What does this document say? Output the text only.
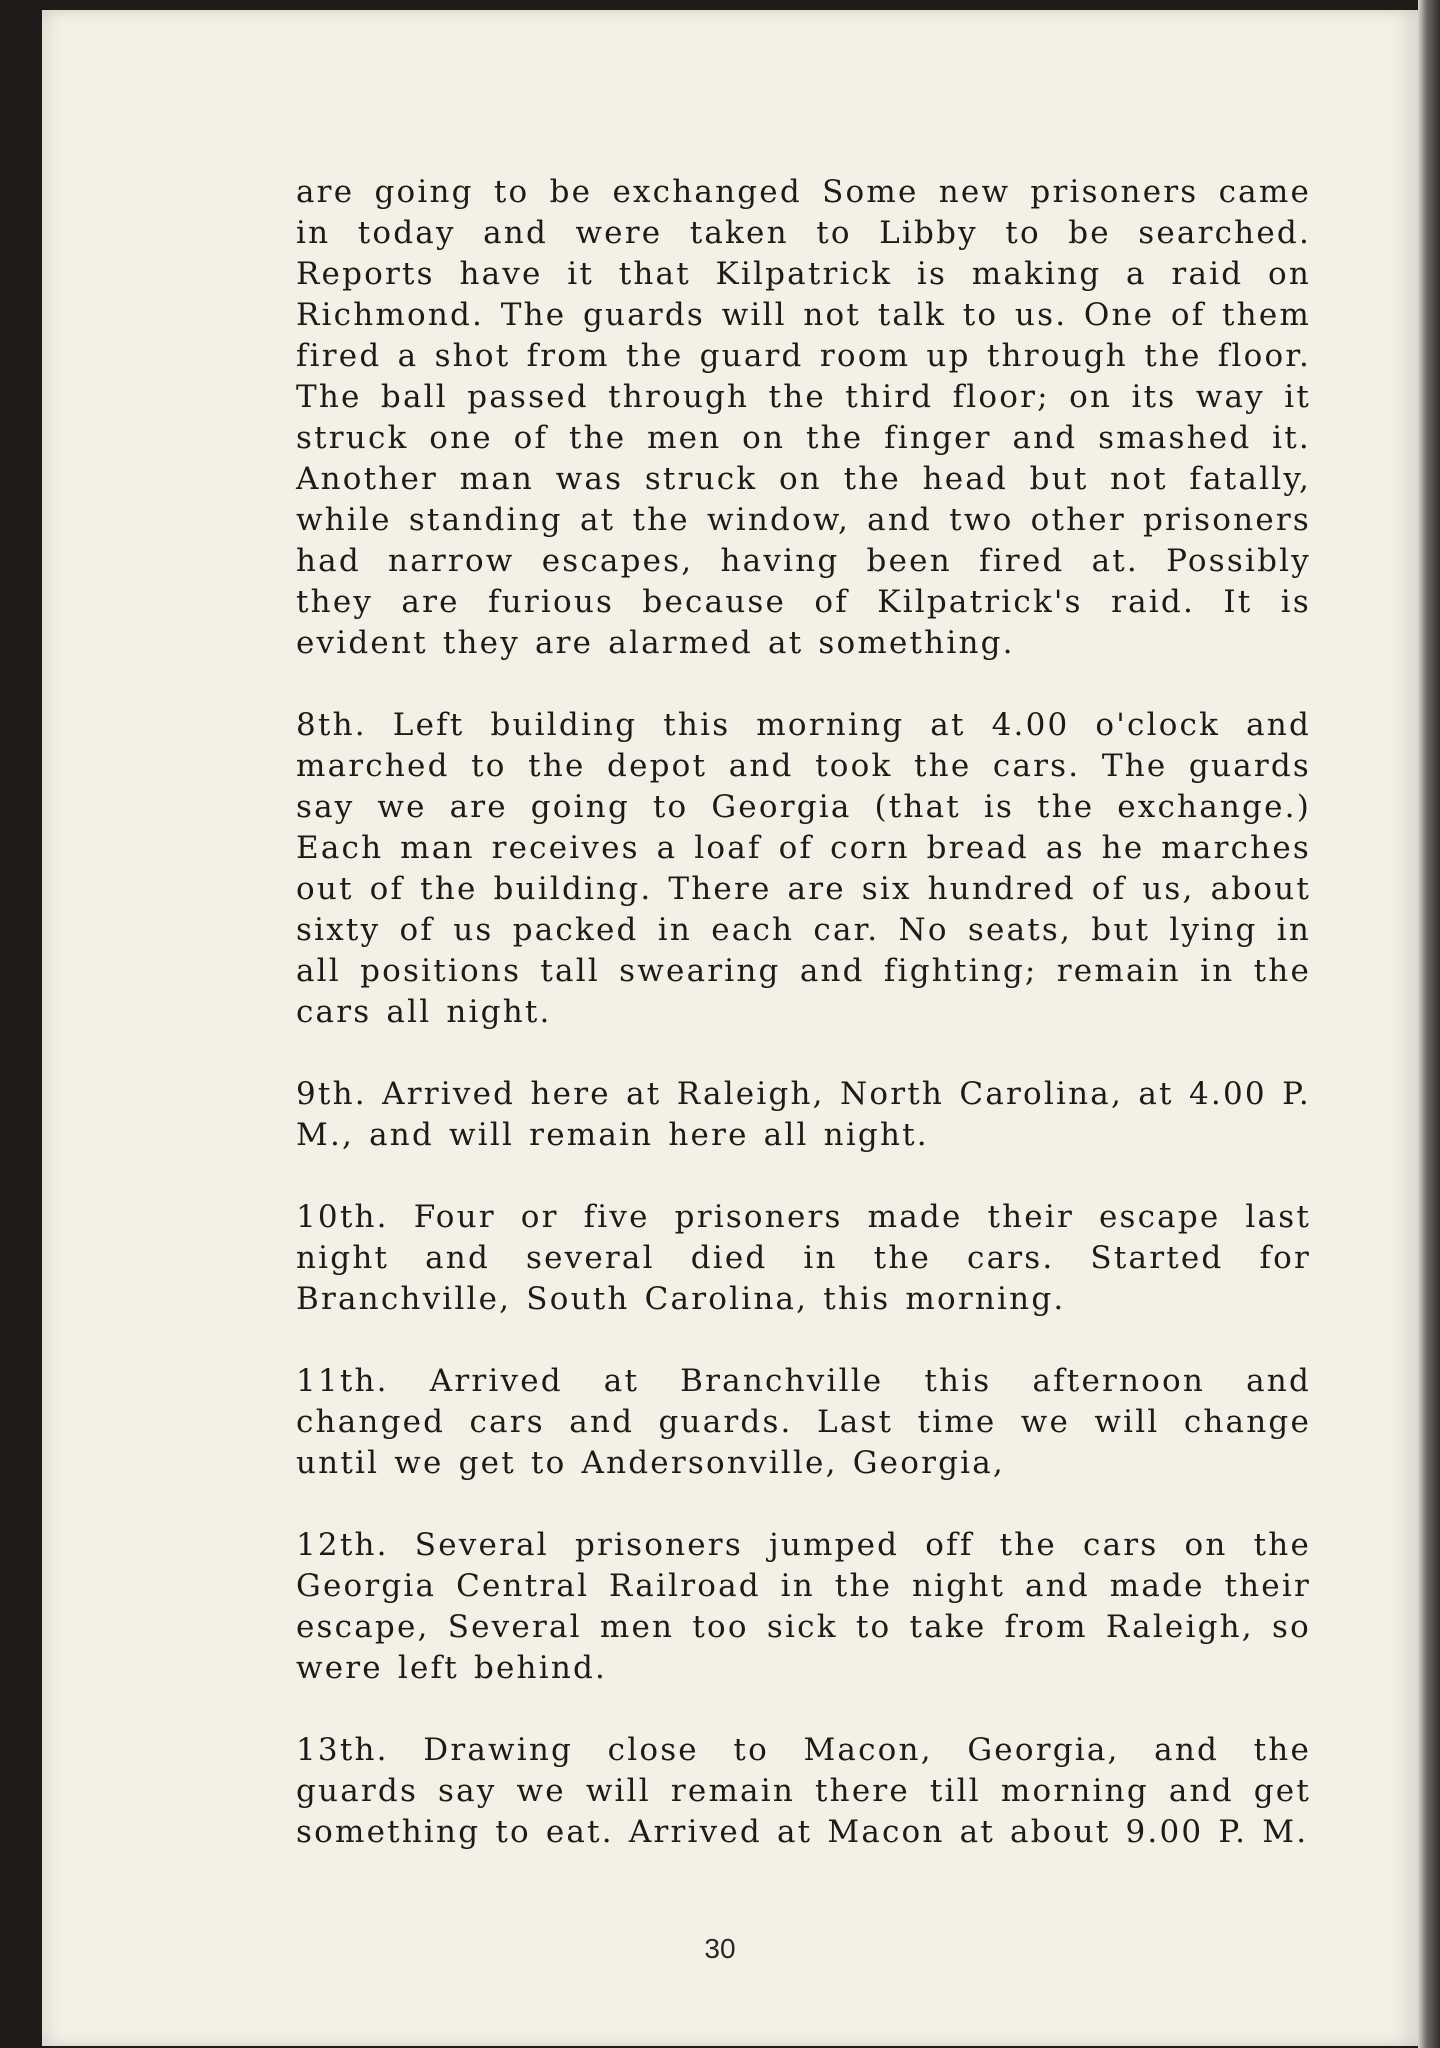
are going to be exchanged Some new prisoners came in today and were taken to Libby to be searched. Reports have it that Kilpatrick is making a raid on Richmond. The guards will not talk to us. One of them fired a shot from the guard room up through the floor. The ball passed through the third floor; on its way it struck one of the men on the finger and smashed it. Another man was struck on the head but not fatally, while standing at the window, and two other prisoners had narrow escapes, having been fired at. Possibly they are furious because of Kilpatrick's raid. It is evident they are alarmed at something.

8th. Left building this morning at 4.00 o'clock and marched to the depot and took the cars. The guards say we are going to Georgia (that is the exchange.) Each man receives a loaf of corn bread as he marches out of the building. There are six hundred of us, about sixty of us packed in each car. No seats, but lying in all positions tall swearing and fighting; remain in the cars all night.

9th. Arrived here at Raleigh, North Carolina, at 4.00 P. M., and will remain here all night.

10th. Four or five prisoners made their escape last night and several died in the cars. Started for Branchville, South Carolina, this morning.

11th. Arrived at Branchville this afternoon and changed cars and guards. Last time we will change until we get to Andersonville, Georgia,

12th. Several prisoners jumped off the cars on the Georgia Central Railroad in the night and made their escape, Several men too sick to take from Raleigh, so were left behind.

13th. Drawing close to Macon, Georgia, and the guards say we will remain there till morning and get something to eat. Arrived at Macon at about 9.00 P. M.

30
